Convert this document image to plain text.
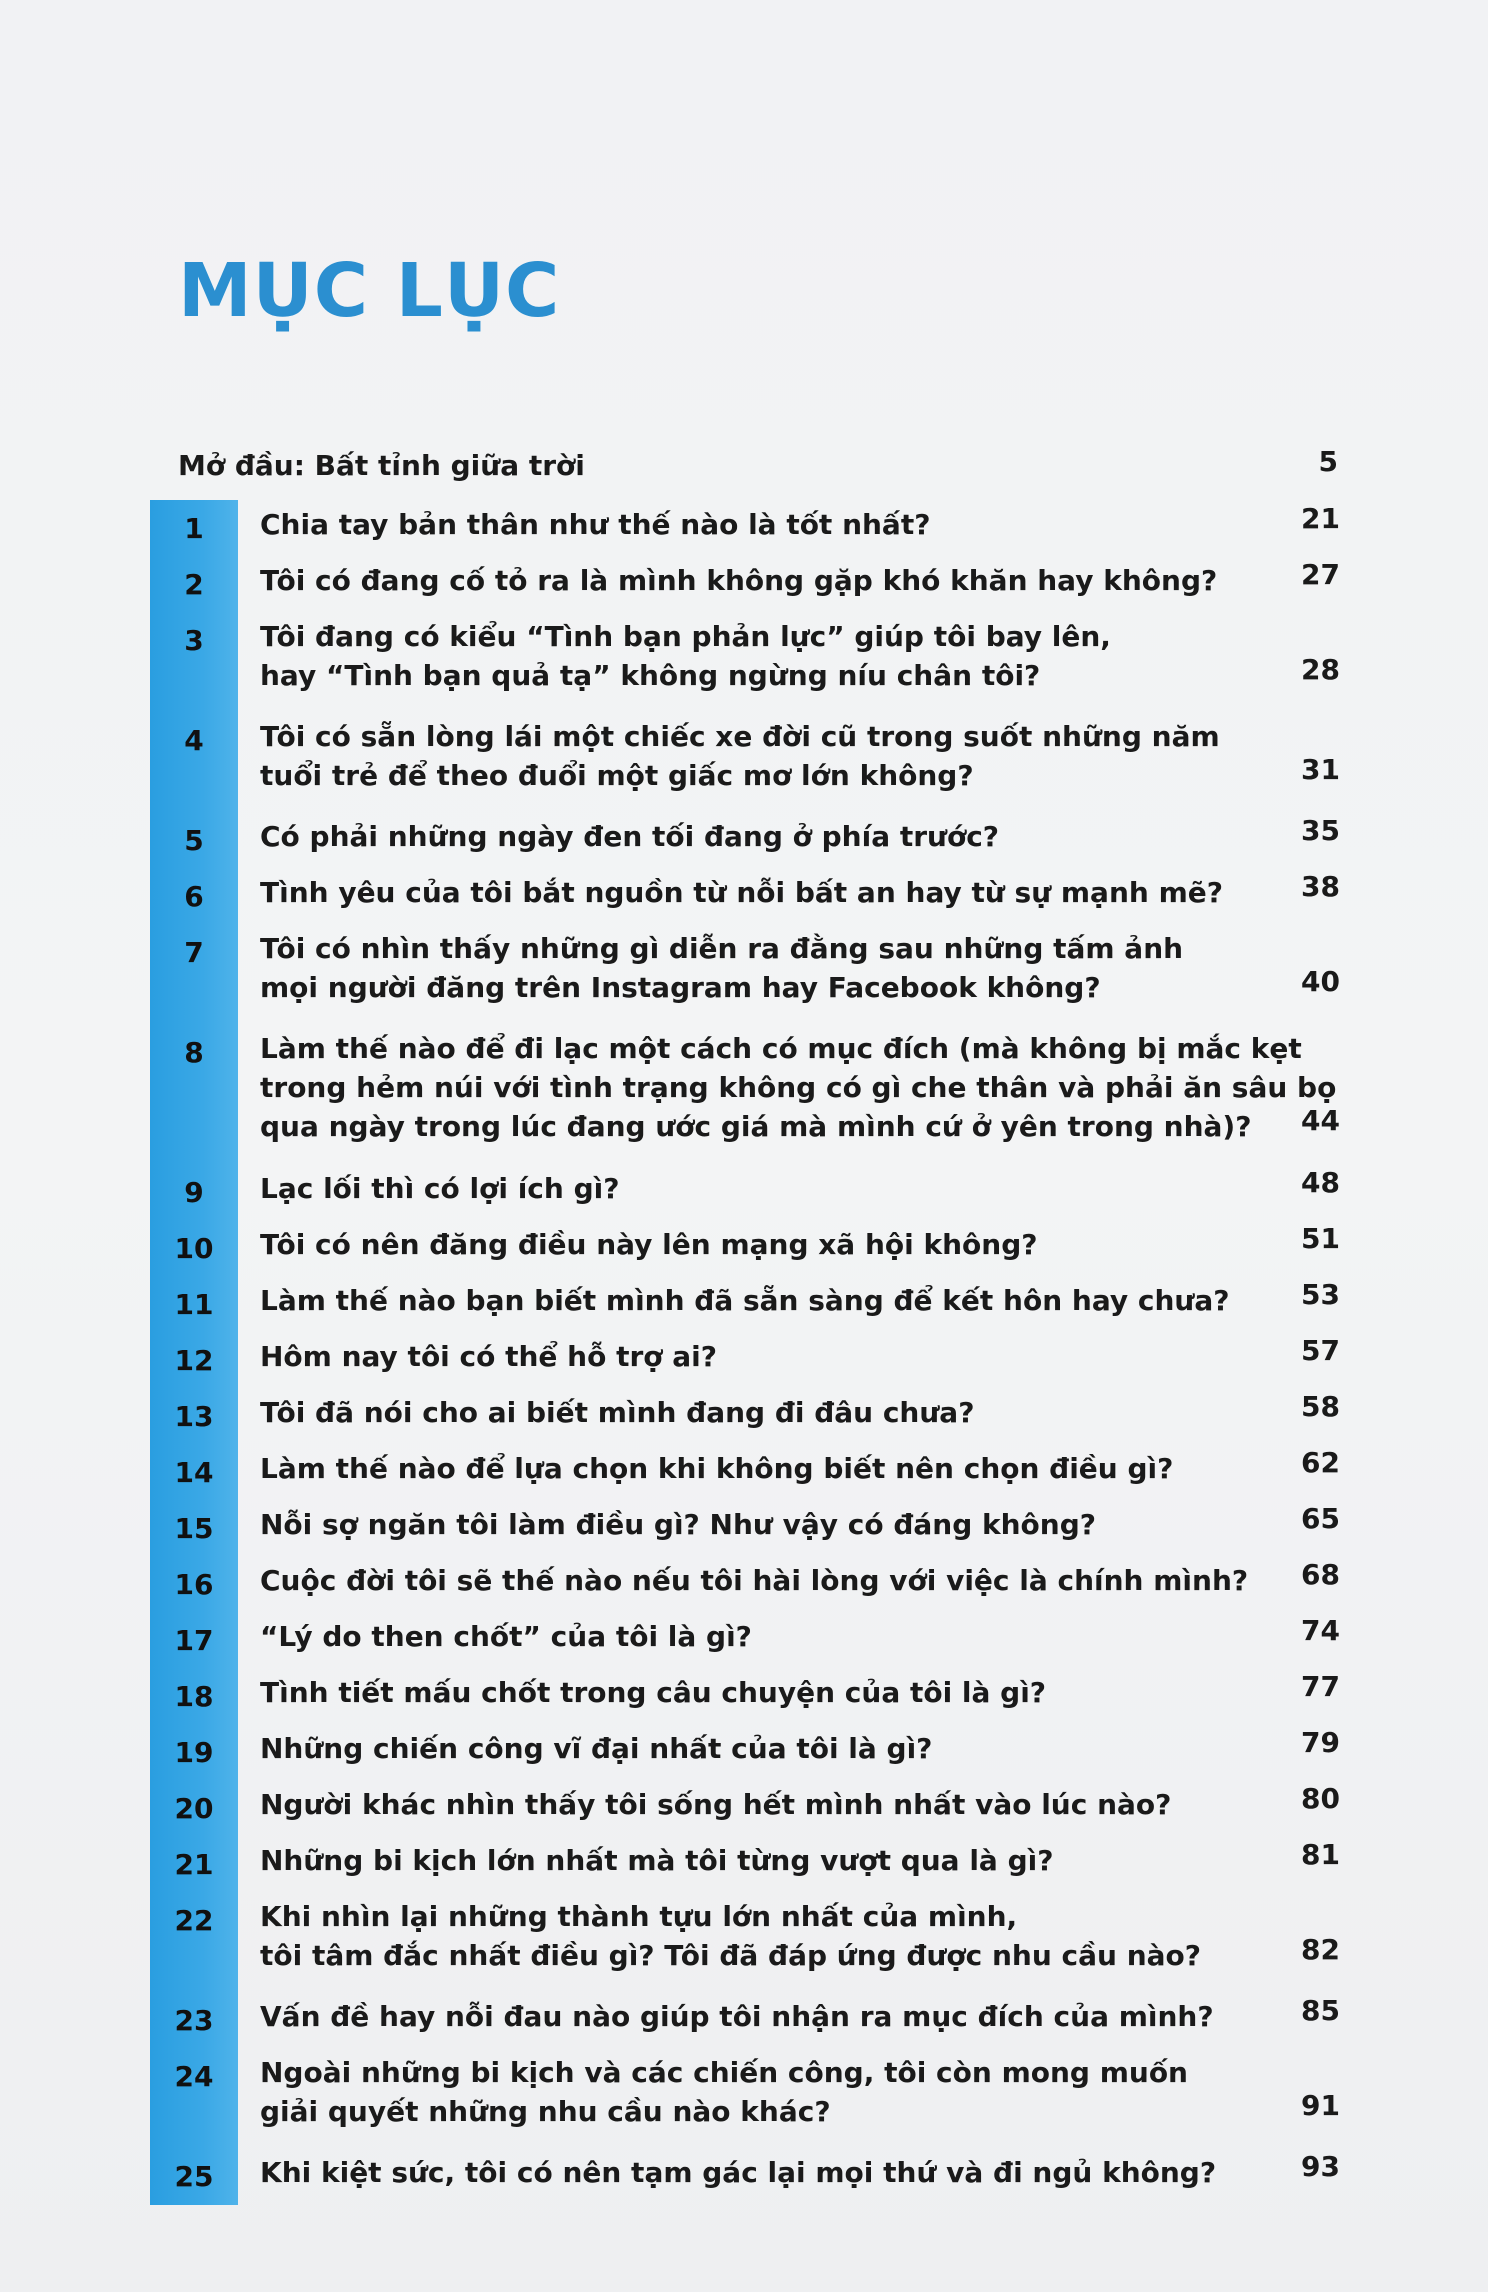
MỤC LỤC
Mở đầu: Bất tỉnh giữa trời	5
1	Chia tay bản thân như thế nào là tốt nhất?	21
2	Tôi có đang cố tỏ ra là mình không gặp khó khăn hay không?	27
3	Tôi đang có kiểu “Tình bạn phản lực” giúp tôi bay lên,
hay “Tình bạn quả tạ” không ngừng níu chân tôi?	28
4	Tôi có sẵn lòng lái một chiếc xe đời cũ trong suốt những năm
tuổi trẻ để theo đuổi một giấc mơ lớn không?	31
5	Có phải những ngày đen tối đang ở phía trước?	35
6	Tình yêu của tôi bắt nguồn từ nỗi bất an hay từ sự mạnh mẽ?	38
7	Tôi có nhìn thấy những gì diễn ra đằng sau những tấm ảnh
mọi người đăng trên Instagram hay Facebook không?	40
8	Làm thế nào để đi lạc một cách có mục đích (mà không bị mắc kẹt
trong hẻm núi với tình trạng không có gì che thân và phải ăn sâu bọ
qua ngày trong lúc đang ước giá mà mình cứ ở yên trong nhà)?	44
9	Lạc lối thì có lợi ích gì?	48
10	Tôi có nên đăng điều này lên mạng xã hội không?	51
11	Làm thế nào bạn biết mình đã sẵn sàng để kết hôn hay chưa?	53
12	Hôm nay tôi có thể hỗ trợ ai?	57
13	Tôi đã nói cho ai biết mình đang đi đâu chưa?	58
14	Làm thế nào để lựa chọn khi không biết nên chọn điều gì?	62
15	Nỗi sợ ngăn tôi làm điều gì? Như vậy có đáng không?	65
16	Cuộc đời tôi sẽ thế nào nếu tôi hài lòng với việc là chính mình?	68
17	“Lý do then chốt” của tôi là gì?	74
18	Tình tiết mấu chốt trong câu chuyện của tôi là gì?	77
19	Những chiến công vĩ đại nhất của tôi là gì?	79
20	Người khác nhìn thấy tôi sống hết mình nhất vào lúc nào?	80
21	Những bi kịch lớn nhất mà tôi từng vượt qua là gì?	81
22	Khi nhìn lại những thành tựu lớn nhất của mình,
tôi tâm đắc nhất điều gì? Tôi đã đáp ứng được nhu cầu nào?	82
23	Vấn đề hay nỗi đau nào giúp tôi nhận ra mục đích của mình?	85
24	Ngoài những bi kịch và các chiến công, tôi còn mong muốn
giải quyết những nhu cầu nào khác?	91
25	Khi kiệt sức, tôi có nên tạm gác lại mọi thứ và đi ngủ không?	93
